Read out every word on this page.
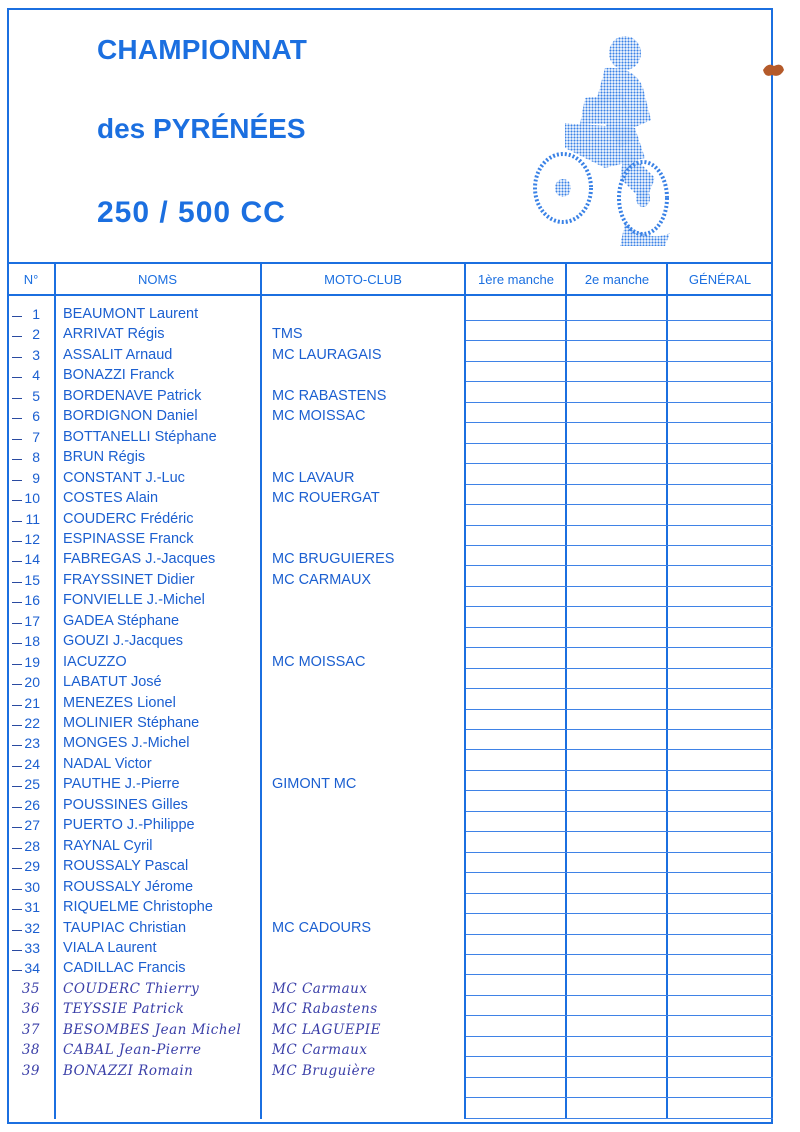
CHAMPIONNAT
des PYRÉNÉES
250 / 500 CC
N°	NOMS	MOTO-CLUB	1ère manche	2e manche	GÉNÉRAL
1	BEAUMONT Laurent
2	ARRIVAT Régis	TMS
3	ASSALIT Arnaud	MC LAURAGAIS
4	BONAZZI Franck
5	BORDENAVE Patrick	MC RABASTENS
6	BORDIGNON Daniel	MC MOISSAC
7	BOTTANELLI Stéphane
8	BRUN Régis
9	CONSTANT J.-Luc	MC LAVAUR
10	COSTES Alain	MC ROUERGAT
11	COUDERC Frédéric
12	ESPINASSE Franck
14	FABREGAS J.-Jacques	MC BRUGUIERES
15	FRAYSSINET Didier	MC CARMAUX
16	FONVIELLE J.-Michel
17	GADEA Stéphane
18	GOUZI J.-Jacques
19	IACUZZO	MC MOISSAC
20	LABATUT José
21	MENEZES Lionel
22	MOLINIER Stéphane
23	MONGES J.-Michel
24	NADAL Victor
25	PAUTHE J.-Pierre	GIMONT MC
26	POUSSINES Gilles
27	PUERTO J.-Philippe
28	RAYNAL Cyril
29	ROUSSALY Pascal
30	ROUSSALY Jérome
31	RIQUELME Christophe
32	TAUPIAC Christian	MC CADOURS
33	VIALA Laurent
34	CADILLAC Francis
35	COUDERC Thierry	MC Carmaux
36	TEYSSIE Patrick	MC Rabastens
37	BESOMBES Jean Michel MC LAGUEPIE
38	CABAL Jean-Pierre	MC Carmaux
39	BONAZZI Romain	MC Bruguière
